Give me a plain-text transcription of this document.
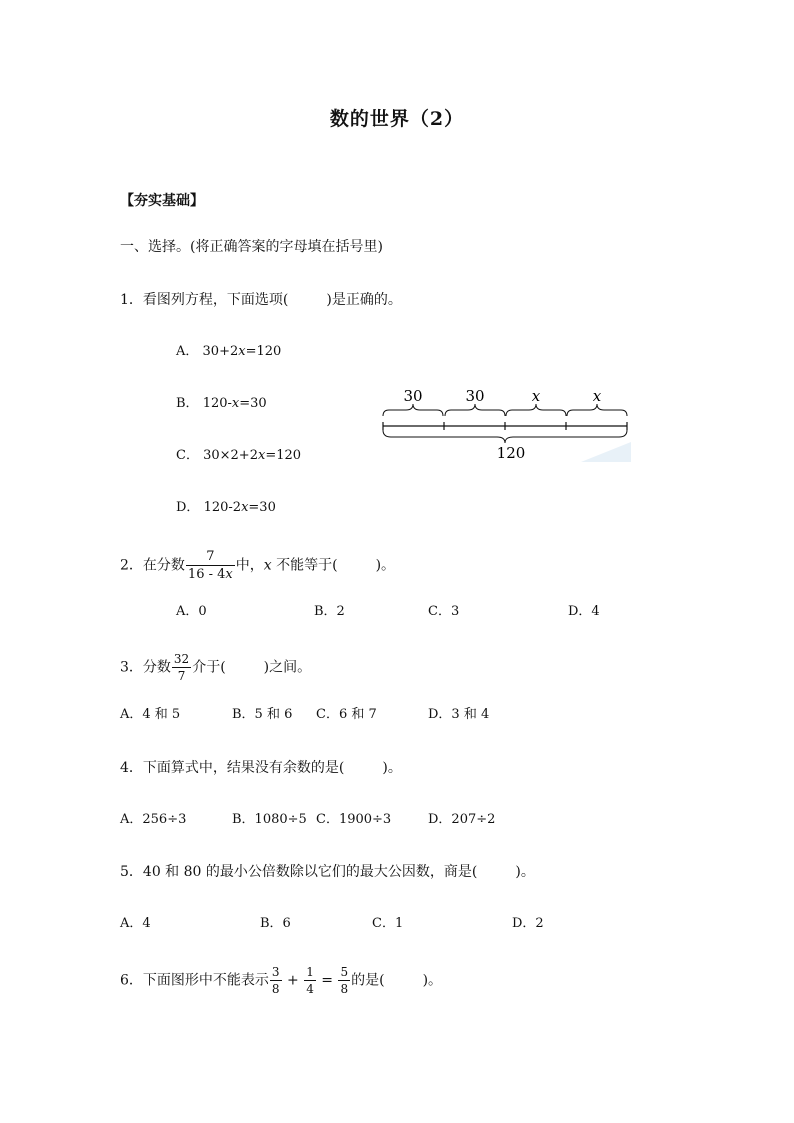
数的世界（2）
【夯实基础】
一、选择。(将正确答案的字母填在括号里)
1．看图列方程，下面选项(	)是正确的。
A． 30+2x=120
B． 120-x=30
C． 30×2+2x=120
D． 120-2x=30
30	30	x	x
120
2．在分数 $\frac{7}{16 - 4x}$ 中，x 不能等于(	)。
A．0	B．2	C．3	D．4
3．分数 $\frac{32}{7}$ 介于(	)之间。
A．4 和 5	B．5 和 6 C．6 和 7	D．3 和 4
4．下面算式中，结果没有余数的是(	)。
A．256÷3	B．1080÷5 C．1900÷3	D．207÷2
5．40 和 80 的最小公倍数除以它们的最大公因数，商是(	)。
A．4	B．6	C．1	D．2
6．下面图形中不能表示 $\frac{3}{8} + \frac{1}{4} = \frac{5}{8}$ 的是(	)。
